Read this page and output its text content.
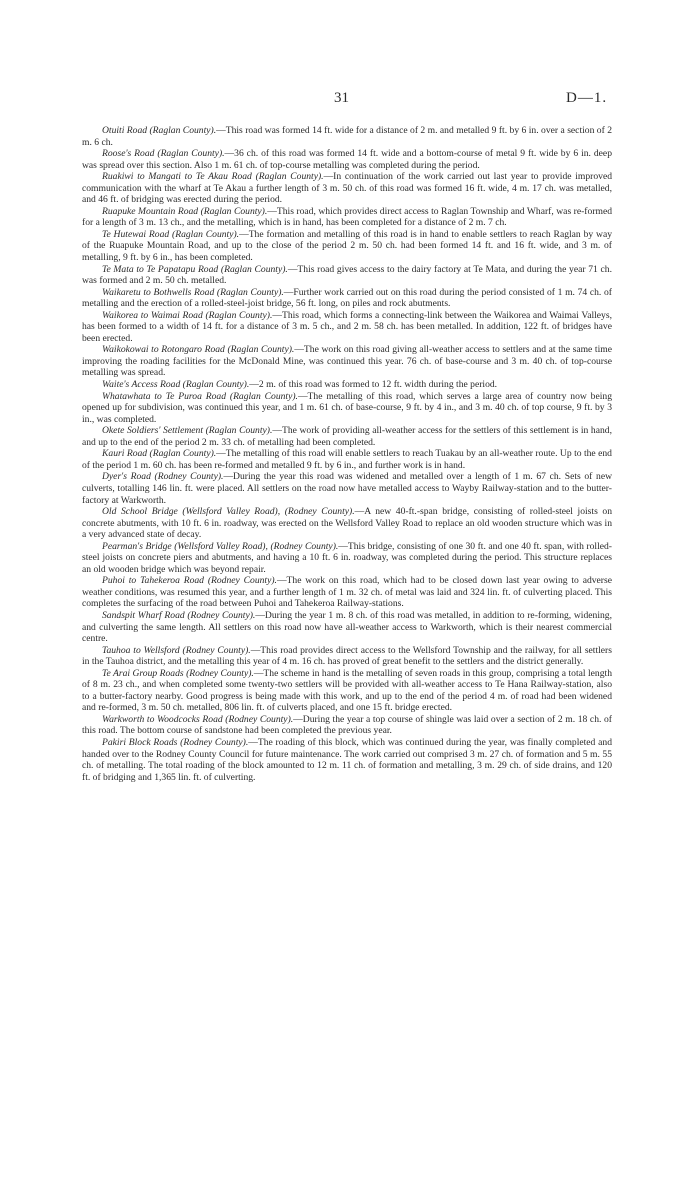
31	D—1.

Otuiti Road (Raglan County).—This road was formed 14 ft. wide for a distance of 2 m. and metalled 9 ft. by 6 in. over a section of 2 m. 6 ch.

Roose's Road (Raglan County).—36 ch. of this road was formed 14 ft. wide and a bottom-course of metal 9 ft. wide by 6 in. deep was spread over this section. Also 1 m. 61 ch. of top-course metalling was completed during the period.

Ruakiwi to Mangati to Te Akau Road (Raglan County).—In continuation of the work carried out last year to provide improved communication with the wharf at Te Akau a further length of 3 m. 50 ch. of this road was formed 16 ft. wide, 4 m. 17 ch. was metalled, and 46 ft. of bridging was erected during the period.

Ruapuke Mountain Road (Raglan County).—This road, which provides direct access to Raglan Township and Wharf, was re-formed for a length of 3 m. 13 ch., and the metalling, which is in hand, has been completed for a distance of 2 m. 7 ch.

Te Hutewai Road (Raglan County).—The formation and metalling of this road is in hand to enable settlers to reach Raglan by way of the Ruapuke Mountain Road, and up to the close of the period 2 m. 50 ch. had been formed 14 ft. and 16 ft. wide, and 3 m. of metalling, 9 ft. by 6 in., has been completed.

Te Mata to Te Papatapu Road (Raglan County).—This road gives access to the dairy factory at Te Mata, and during the year 71 ch. was formed and 2 m. 50 ch. metalled.

Waikaretu to Bothwells Road (Raglan County).—Further work carried out on this road during the period consisted of 1 m. 74 ch. of metalling and the erection of a rolled-steel-joist bridge, 56 ft. long, on piles and rock abutments.

Waikorea to Waimai Road (Raglan County).—This road, which forms a connecting-link between the Waikorea and Waimai Valleys, has been formed to a width of 14 ft. for a distance of 3 m. 5 ch., and 2 m. 58 ch. has been metalled. In addition, 122 ft. of bridges have been erected.

Waikokowai to Rotongaro Road (Raglan County).—The work on this road giving all-weather access to settlers and at the same time improving the roading facilities for the McDonald Mine, was continued this year. 76 ch. of base-course and 3 m. 40 ch. of top-course metalling was spread.

Waite's Access Road (Raglan County).—2 m. of this road was formed to 12 ft. width during the period.

Whatawhata to Te Puroa Road (Raglan County).—The metalling of this road, which serves a large area of country now being opened up for subdivision, was continued this year, and 1 m. 61 ch. of base-course, 9 ft. by 4 in., and 3 m. 40 ch. of top course, 9 ft. by 3 in., was completed.

Okete Soldiers' Settlement (Raglan County).—The work of providing all-weather access for the settlers of this settlement is in hand, and up to the end of the period 2 m. 33 ch. of metalling had been completed.

Kauri Road (Raglan County).—The metalling of this road will enable settlers to reach Tuakau by an all-weather route. Up to the end of the period 1 m. 60 ch. has been re-formed and metalled 9 ft. by 6 in., and further work is in hand.

Dyer's Road (Rodney County).—During the year this road was widened and metalled over a length of 1 m. 67 ch. Sets of new culverts, totalling 146 lin. ft. were placed. All settlers on the road now have metalled access to Wayby Railway-station and to the butter-factory at Warkworth.

Old School Bridge (Wellsford Valley Road), (Rodney County).—A new 40-ft.-span bridge, consisting of rolled-steel joists on concrete abutments, with 10 ft. 6 in. roadway, was erected on the Wellsford Valley Road to replace an old wooden structure which was in a very advanced state of decay.

Pearman's Bridge (Wellsford Valley Road), (Rodney County).—This bridge, consisting of one 30 ft. and one 40 ft. span, with rolled-steel joists on concrete piers and abutments, and having a 10 ft. 6 in. roadway, was completed during the period. This structure replaces an old wooden bridge which was beyond repair.

Puhoi to Tahekeroa Road (Rodney County).—The work on this road, which had to be closed down last year owing to adverse weather conditions, was resumed this year, and a further length of 1 m. 32 ch. of metal was laid and 324 lin. ft. of culverting placed. This completes the surfacing of the road between Puhoi and Tahekeroa Railway-stations.

Sandspit Wharf Road (Rodney County).—During the year 1 m. 8 ch. of this road was metalled, in addition to re-forming, widening, and culverting the same length. All settlers on this road now have all-weather access to Warkworth, which is their nearest commercial centre.

Tauhoa to Wellsford (Rodney County).—This road provides direct access to the Wellsford Township and the railway, for all settlers in the Tauhoa district, and the metalling this year of 4 m. 16 ch. has proved of great benefit to the settlers and the district generally.

Te Arai Group Roads (Rodney County).—The scheme in hand is the metalling of seven roads in this group, comprising a total length of 8 m. 23 ch., and when completed some twenty-two settlers will be provided with all-weather access to Te Hana Railway-station, also to a butter-factory nearby. Good progress is being made with this work, and up to the end of the period 4 m. of road had been widened and re-formed, 3 m. 50 ch. metalled, 806 lin. ft. of culverts placed, and one 15 ft. bridge erected.

Warkworth to Woodcocks Road (Rodney County).—During the year a top course of shingle was laid over a section of 2 m. 18 ch. of this road. The bottom course of sandstone had been completed the previous year.

Pakiri Block Roads (Rodney County).—The roading of this block, which was continued during the year, was finally completed and handed over to the Rodney County Council for future maintenance. The work carried out comprised 3 m. 27 ch. of formation and 5 m. 55 ch. of metalling. The total roading of the block amounted to 12 m. 11 ch. of formation and metalling, 3 m. 29 ch. of side drains, and 120 ft. of bridging and 1,365 lin. ft. of culverting.
